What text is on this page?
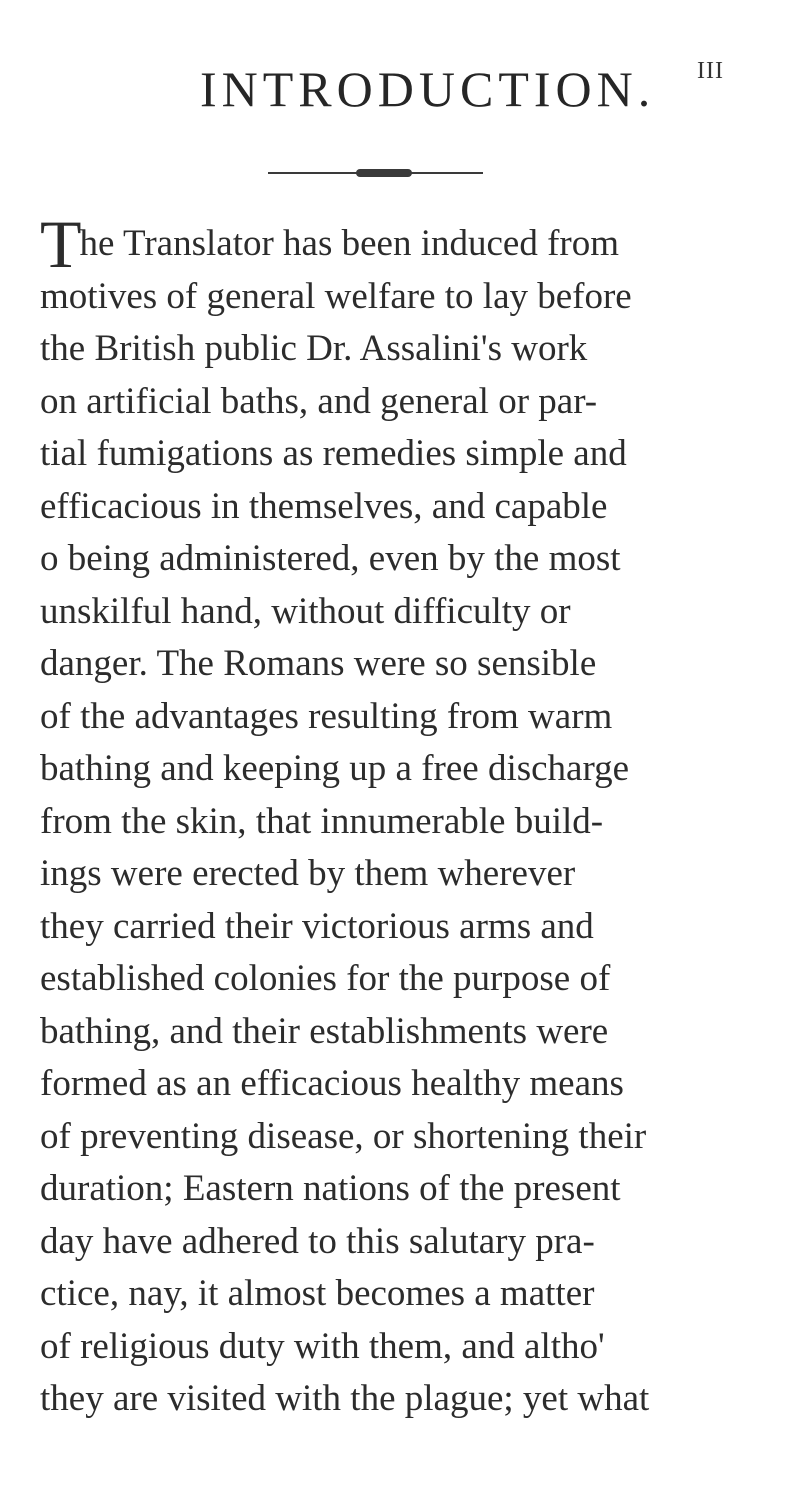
III
INTRODUCTION.
The Translator has been induced from
motives of general welfare to lay before
the British public Dr. Assalini's work
on artificial baths, and general or par-
tial fumigations as remedies simple and
efficacious in themselves, and capable
o being administered, even by the most
unskilful hand, without difficulty or
danger. The Romans were so sensible
of the advantages resulting from warm
bathing and keeping up a free discharge
from the skin, that innumerable build-
ings were erected by them wherever
they carried their victorious arms and
established colonies for the purpose of
bathing, and their establishments were
formed as an efficacious healthy means
of preventing disease, or shortening their
duration; Eastern nations of the present
day have adhered to this salutary pra-
ctice, nay, it almost becomes a matter
of religious duty with them, and altho'
they are visited with the plague; yet what
